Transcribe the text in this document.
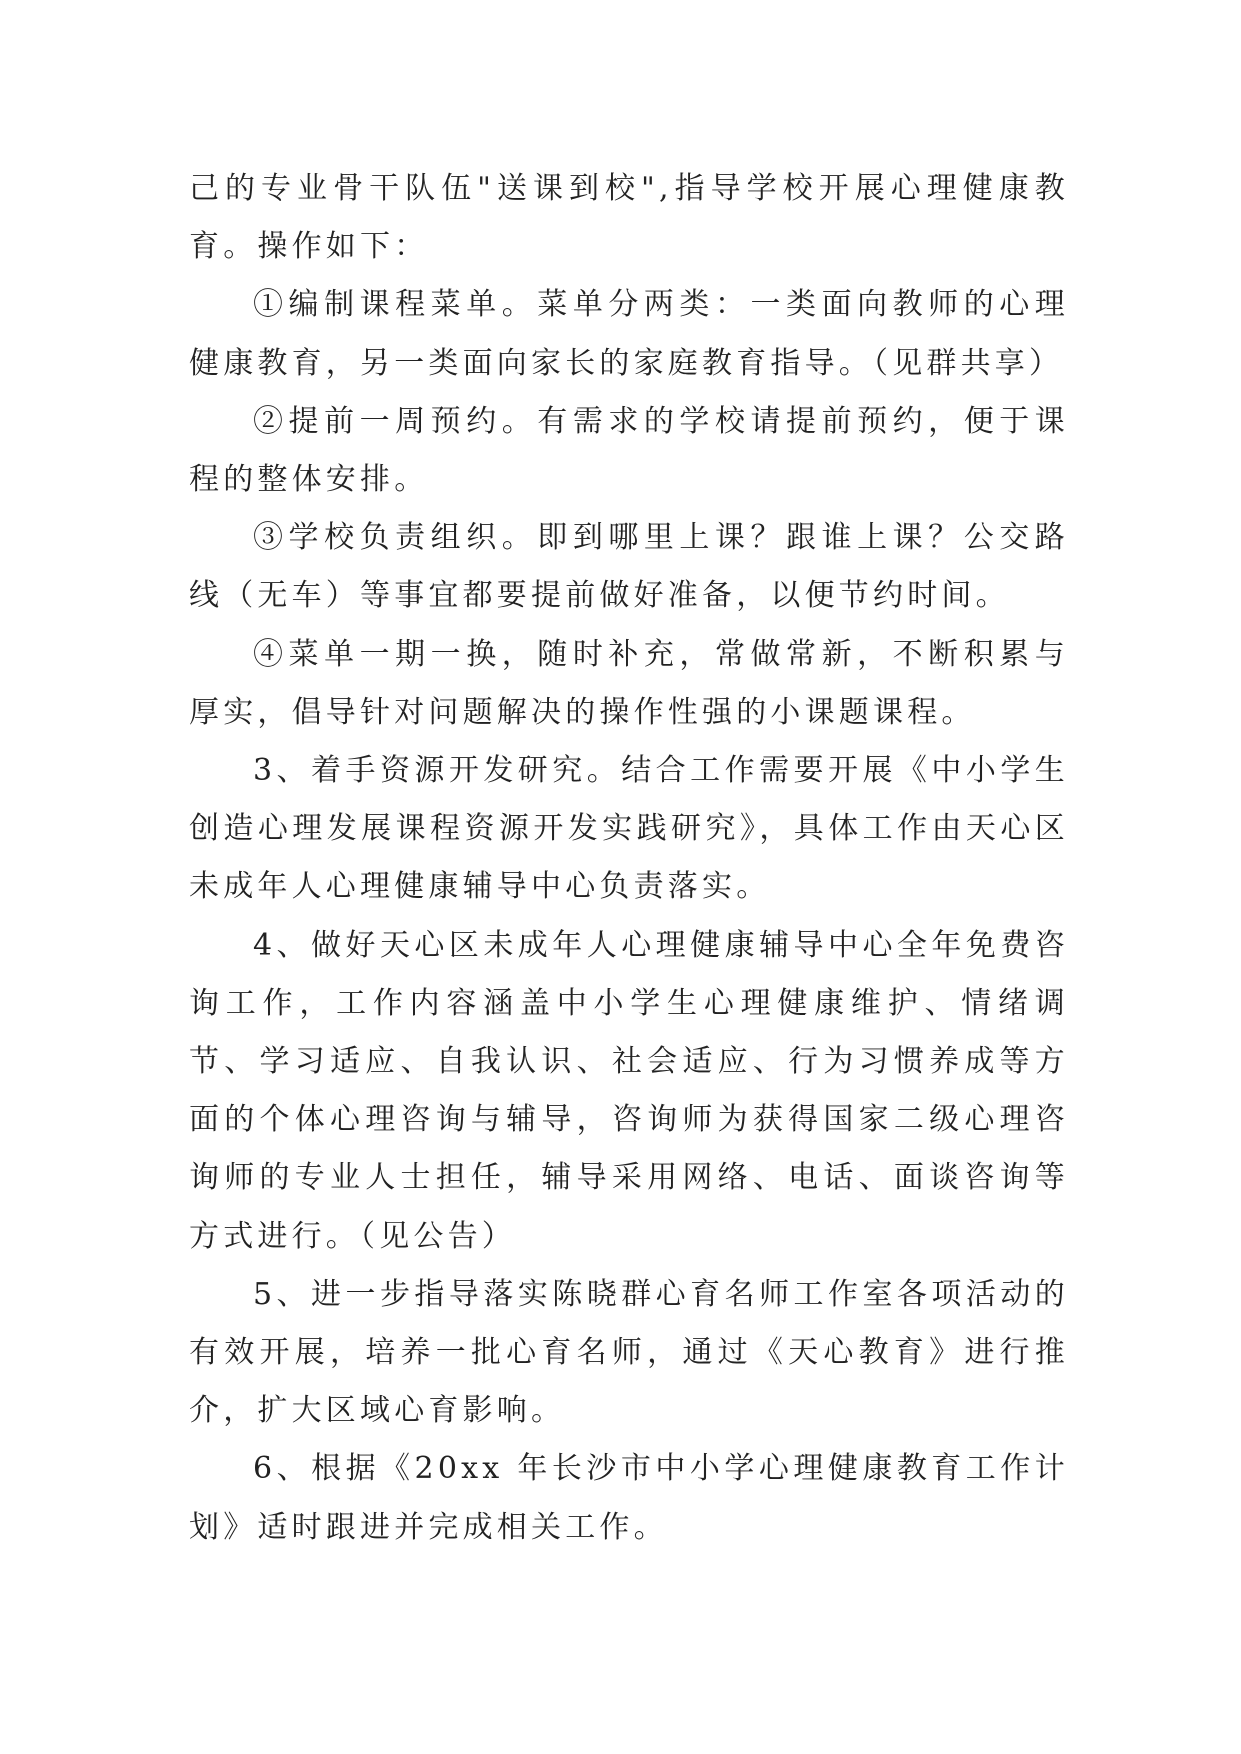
己的专业骨干队伍"送课到校",指导学校开展心理健康教育。操作如下：

①编制课程菜单。菜单分两类：一类面向教师的心理健康教育，另一类面向家长的家庭教育指导。（见群共享）

②提前一周预约。有需求的学校请提前预约，便于课程的整体安排。

③学校负责组织。即到哪里上课？跟谁上课？公交路线（无车）等事宜都要提前做好准备，以便节约时间。

④菜单一期一换，随时补充，常做常新，不断积累与厚实，倡导针对问题解决的操作性强的小课题课程。

3、着手资源开发研究。结合工作需要开展《中小学生创造心理发展课程资源开发实践研究》，具体工作由天心区未成年人心理健康辅导中心负责落实。

4、做好天心区未成年人心理健康辅导中心全年免费咨询工作，工作内容涵盖中小学生心理健康维护、情绪调节、学习适应、自我认识、社会适应、行为习惯养成等方面的个体心理咨询与辅导，咨询师为获得国家二级心理咨询师的专业人士担任，辅导采用网络、电话、面谈咨询等方式进行。（见公告）

5、进一步指导落实陈晓群心育名师工作室各项活动的有效开展，培养一批心育名师，通过《天心教育》进行推介，扩大区域心育影响。

6、根据《20xx 年长沙市中小学心理健康教育工作计划》适时跟进并完成相关工作。
